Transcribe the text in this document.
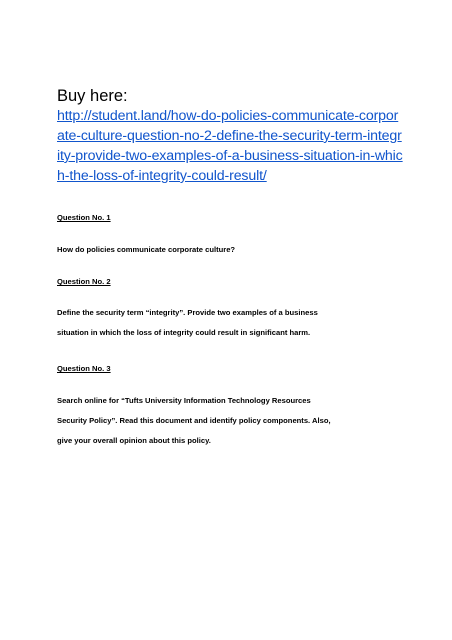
Buy here:
http://student.land/how-do-policies-communicate-corpor
ate-culture-question-no-2-define-the-security-term-integr
ity-provide-two-examples-of-a-business-situation-in-whic
h-the-loss-of-integrity-could-result/

Question No. 1

How do policies communicate corporate culture?

Question No. 2

Define the security term “integrity”. Provide two examples of a business

situation in which the loss of integrity could result in significant harm.

Question No. 3

Search online for “Tufts University Information Technology Resources

Security Policy”. Read this document and identify policy components. Also,

give your overall opinion about this policy.
